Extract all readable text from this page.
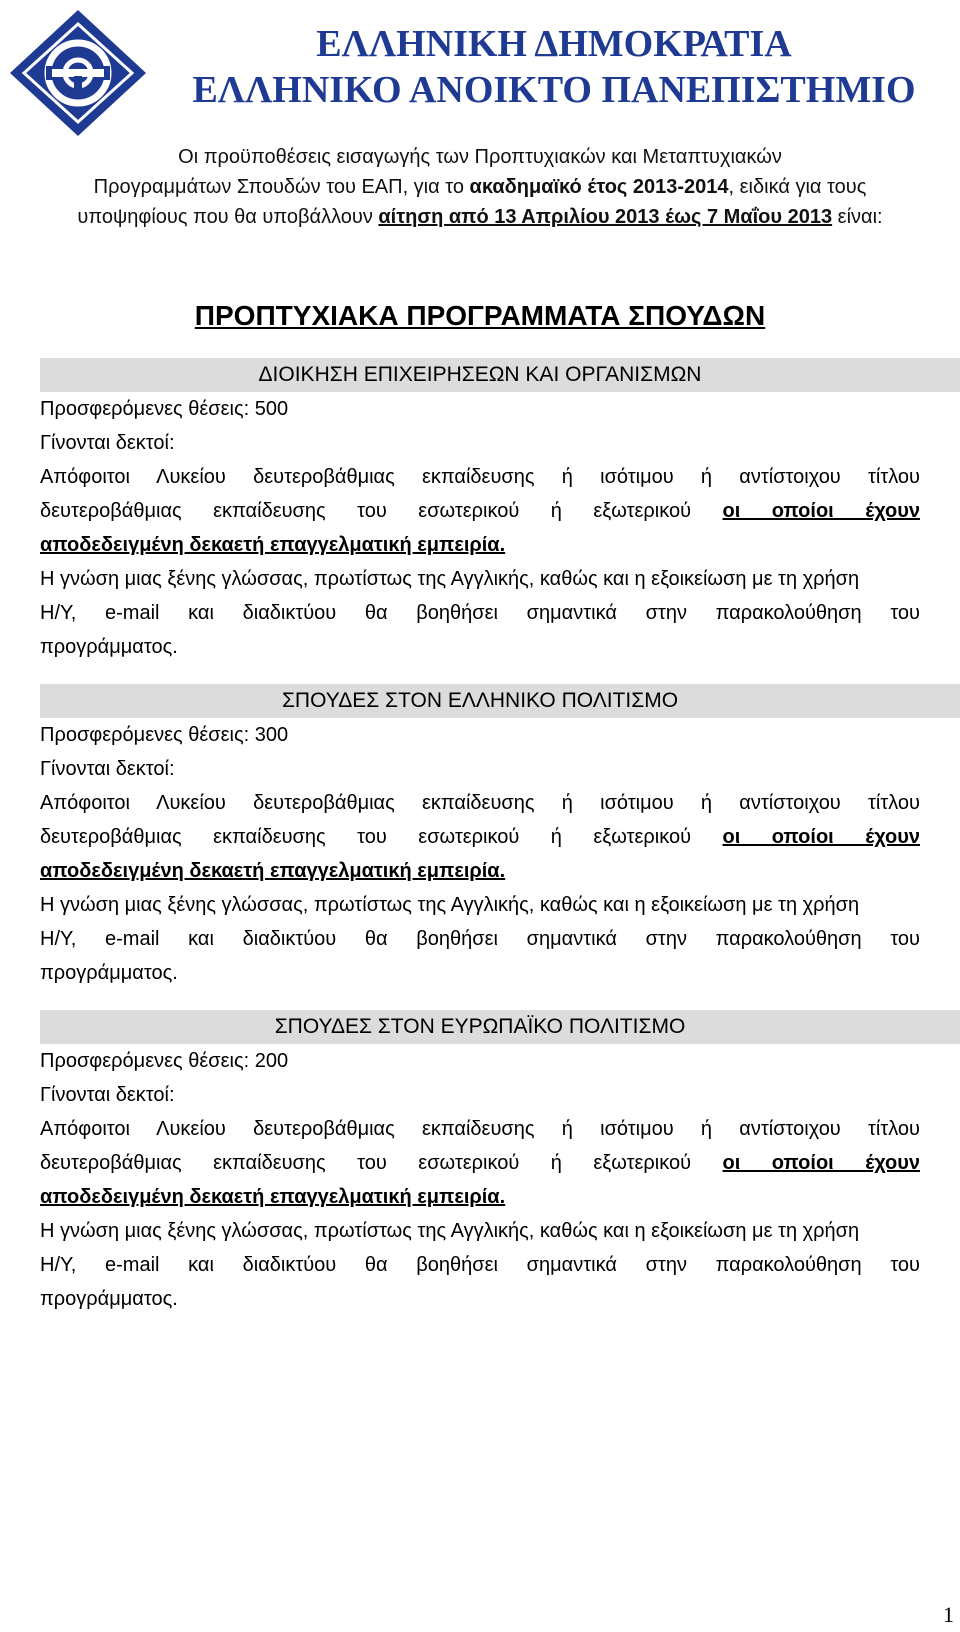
ΕΛΛΗΝΙΚΗ ΔΗΜΟΚΡΑΤΙΑ
ΕΛΛΗΝΙΚΟ ΑΝΟΙΚΤΟ ΠΑΝΕΠΙΣΤΗΜΙΟ
Οι προϋποθέσεις εισαγωγής των Προπτυχιακών και Μεταπτυχιακών
Προγραμμάτων Σπουδών του ΕΑΠ, για το ακαδημαϊκό έτος 2013-2014, ειδικά για τους
υποψηφίους που θα υποβάλλουν αίτηση από 13 Απριλίου 2013 έως 7 Μαΐου 2013 είναι:
ΠΡΟΠΤΥΧΙΑΚΑ ΠΡΟΓΡΑΜΜΑΤΑ ΣΠΟΥΔΩΝ
ΔΙΟΙΚΗΣΗ ΕΠΙΧΕΙΡΗΣΕΩΝ ΚΑΙ ΟΡΓΑΝΙΣΜΩΝ
Προσφερόμενες θέσεις: 500
Γίνονται δεκτοί:
Απόφοιτοι Λυκείου δευτεροβάθμιας εκπαίδευσης ή ισότιμου ή αντίστοιχου τίτλου
δευτεροβάθμιας εκπαίδευσης του εσωτερικού ή εξωτερικού οι οποίοι έχουν
αποδεδειγμένη δεκαετή επαγγελματική εμπειρία.
Η γνώση μιας ξένης γλώσσας, πρωτίστως της Αγγλικής, καθώς και η εξοικείωση με τη χρήση
Η/Υ, e-mail και διαδικτύου θα βοηθήσει σημαντικά στην παρακολούθηση του
προγράμματος.
ΣΠΟΥΔΕΣ ΣΤΟΝ ΕΛΛΗΝΙΚΟ ΠΟΛΙΤΙΣΜΟ
Προσφερόμενες θέσεις: 300
Γίνονται δεκτοί:
Απόφοιτοι Λυκείου δευτεροβάθμιας εκπαίδευσης ή ισότιμου ή αντίστοιχου τίτλου
δευτεροβάθμιας εκπαίδευσης του εσωτερικού ή εξωτερικού οι οποίοι έχουν
αποδεδειγμένη δεκαετή επαγγελματική εμπειρία.
Η γνώση μιας ξένης γλώσσας, πρωτίστως της Αγγλικής, καθώς και η εξοικείωση με τη χρήση
Η/Υ, e-mail και διαδικτύου θα βοηθήσει σημαντικά στην παρακολούθηση του
προγράμματος.
ΣΠΟΥΔΕΣ ΣΤΟΝ ΕΥΡΩΠΑΪΚΟ ΠΟΛΙΤΙΣΜΟ
Προσφερόμενες θέσεις: 200
Γίνονται δεκτοί:
Απόφοιτοι Λυκείου δευτεροβάθμιας εκπαίδευσης ή ισότιμου ή αντίστοιχου τίτλου
δευτεροβάθμιας εκπαίδευσης του εσωτερικού ή εξωτερικού οι οποίοι έχουν
αποδεδειγμένη δεκαετή επαγγελματική εμπειρία.
Η γνώση μιας ξένης γλώσσας, πρωτίστως της Αγγλικής, καθώς και η εξοικείωση με τη χρήση
Η/Υ, e-mail και διαδικτύου θα βοηθήσει σημαντικά στην παρακολούθηση του
προγράμματος.
1
